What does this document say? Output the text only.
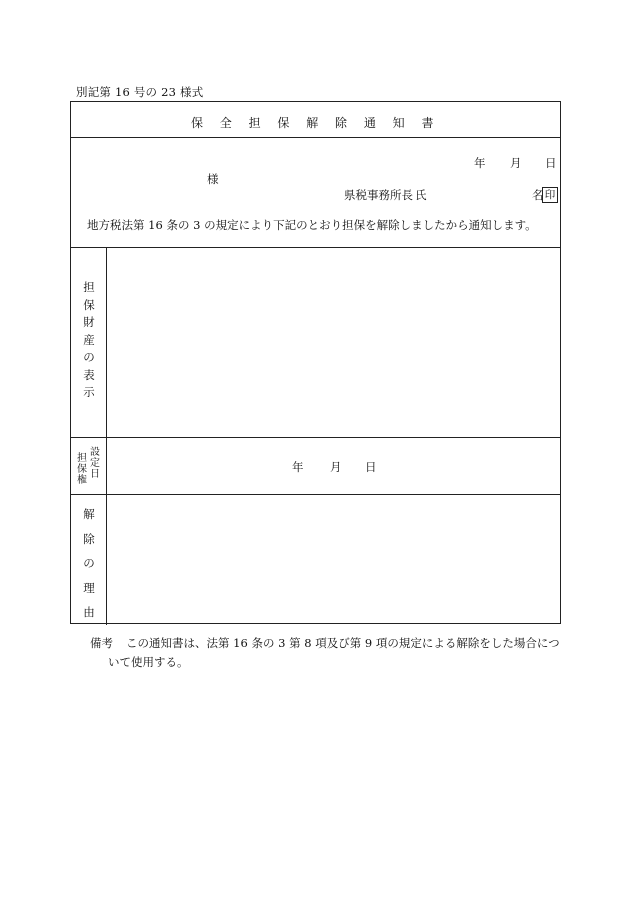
別記第 16 号の 23 様式
保 全 担 保 解 除 通 知 書
年 月 日
様
県税事務所長 氏	名 印
地方税法第 16 条の 3 の規定により下記のとおり担保を解除しましたから通知します。
担
保
財
産
の
表
示
担
保
権
設
定
日
年 月 日
解
除
の
理
由
備考 この通知書は、法第 16 条の 3 第 8 項及び第 9 項の規定による解除をした場合につ
いて使用する。
